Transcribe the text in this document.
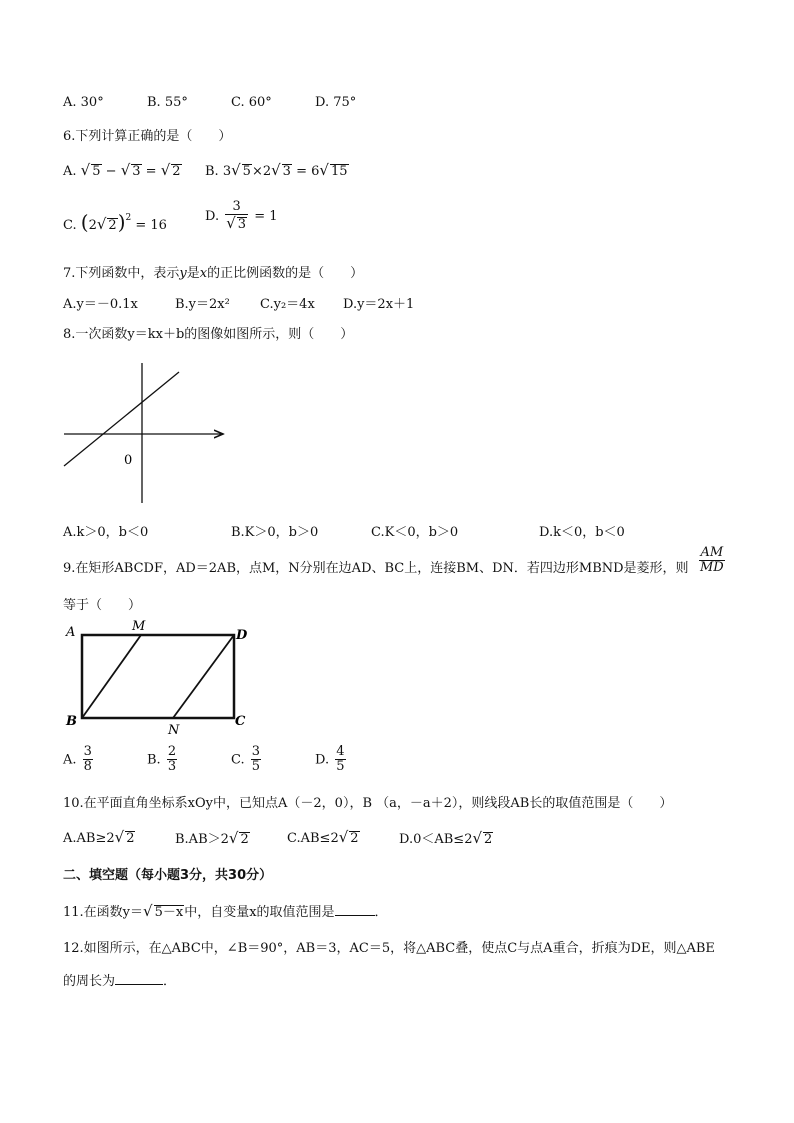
A. 30°	B. 55°	C. 60°	D. 75°
6.下列计算正确的是（　　）
A. √ 5 − √ 3 = √ 2 B. 3√ 5×2√ 3 = 6√ 15
C. (2√ 2)$^2$ = 16
D. $\frac{3}{√ 3} = 1$
7.下列函数中，表示y是x的正比例函数的是（　　）
A.y＝－0.1x	B.y＝2x² C.y₂＝4x D.y＝2x＋1
8.一次函数y＝kx＋b的图像如图所示，则（　　）
0
A.k＞0，b＜0	B.K＞0，b＞0	C.K＜0，b＞0	D.k＜0，b＜0
9.在矩形ABCDF，AD＝2AB，点M，N分别在边AD、BC上，连接BM、DN．若四边形MBND是菱形，则 $\frac{AM}{MD}$
等于（　　）
A	M
D
B
N
C
A. $\frac{3}{8}$	B. $\frac{2}{3}$	C. $\frac{3}{5}$	D. $\frac{4}{5}$
10.在平面直角坐标系xOy中，已知点A（－2，0），B （a，－a＋2），则线段AB长的取值范围是（　　）
A.AB≥2√ 2	B.AB＞2√ 2	C.AB≤2√ 2	D.0＜AB≤2√ 2
二、填空题（每小题3分，共30分）
11.在函数y＝√ 5－x中，自变量x的取值范围是	．
12.如图所示，在△ABC中，∠B＝90°，AB＝3，AC＝5，将△ABC叠，使点C与点A重合，折痕为DE，则△ABE
的周长为	．
